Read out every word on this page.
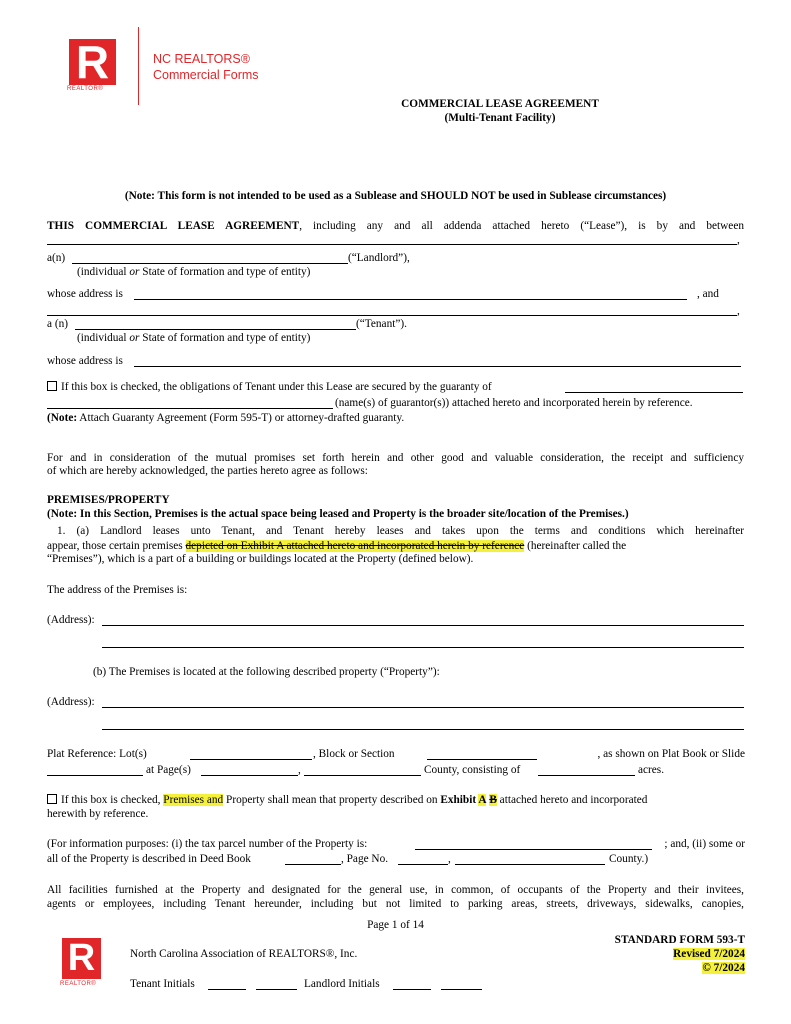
R
REALTOR®
NC REALTORS®
Commercial Forms
COMMERCIAL LEASE AGREEMENT
(Multi-Tenant Facility)
(Note: This form is not intended to be used as a Sublease and SHOULD NOT be used in Sublease circumstances)
THIS COMMERCIAL LEASE AGREEMENT, including any and all addenda attached hereto (“Lease”), is by and between
,
a(n)	(“Landlord”),
(individual or State of formation and type of entity)
whose address is	, and
,
a (n)	(“Tenant”).
(individual or State of formation and type of entity)
whose address is
If this box is checked, the obligations of Tenant under this Lease are secured by the guaranty of
(name(s) of guarantor(s)) attached hereto and incorporated herein by reference.
(Note: Attach Guaranty Agreement (Form 595-T) or attorney-drafted guaranty.
For and in consideration of the mutual promises set forth herein and other good and valuable consideration, the receipt and sufficiency
of which are hereby acknowledged, the parties hereto agree as follows:
PREMISES/PROPERTY
(Note: In this Section, Premises is the actual space being leased and Property is the broader site/location of the Premises.)
1. (a) Landlord leases unto Tenant, and Tenant hereby leases and takes upon the terms and conditions which hereinafter
appear, those certain premises depicted on Exhibit A attached hereto and incorporated herein by reference (hereinafter called the
“Premises”), which is a part of a building or buildings located at the Property (defined below).
The address of the Premises is:
(Address):
(b) The Premises is located at the following described property (“Property”):
(Address):
Plat Reference: Lot(s)	, Block or Section	, as shown on Plat Book or Slide
at Page(s)	,	County, consisting of	acres.
If this box is checked, Premises and Property shall mean that property described on Exhibit A B attached hereto and incorporated
herewith by reference.
(For information purposes: (i) the tax parcel number of the Property is:	; and, (ii) some or
all of the Property is described in Deed Book	, Page No.	,	County.)
All facilities furnished at the Property and designated for the general use, in common, of occupants of the Property and their invitees,
agents or employees, including Tenant hereunder, including but not limited to parking areas, streets, driveways, sidewalks, canopies,
Page 1 of 14
R
REALTOR®
North Carolina Association of REALTORS®, Inc.
Tenant Initials	Landlord Initials
STANDARD FORM 593-T
Revised 7/2024
© 7/2024
